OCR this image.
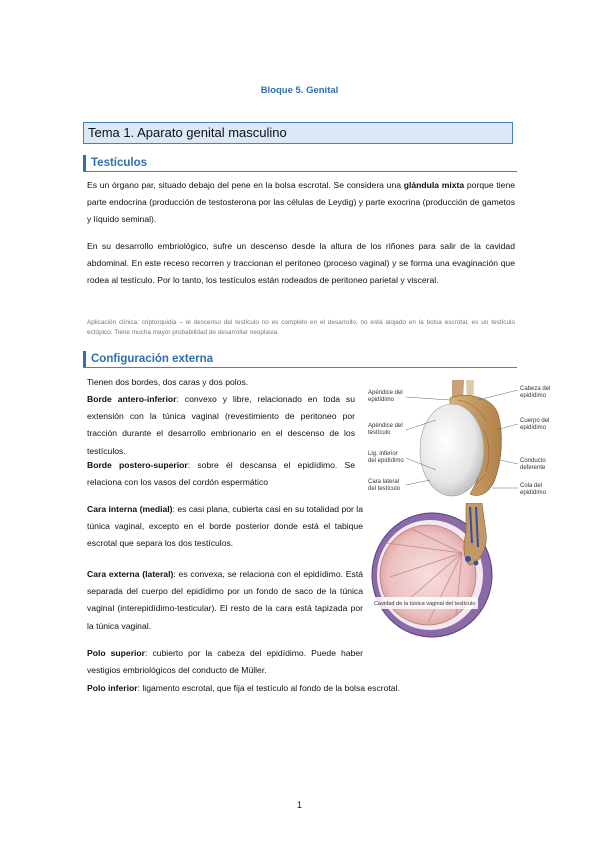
Bloque 5. Genital
Tema 1. Aparato genital masculino
Testículos
Es un órgano par, situado debajo del pene en la bolsa escrotal. Se considera una glándula mixta porque tiene parte endocrina (producción de testosterona por las células de Leydig) y parte exocrina (producción de gametos y líquido seminal).
En su desarrollo embriológico, sufre un descenso desde la altura de los riñones para salir de la cavidad abdominal. En este receso recorren y traccionan el peritoneo (proceso vaginal) y se forma una evaginación que rodea al testículo. Por lo tanto, los testículos están rodeados de peritoneo parietal y visceral.
Aplicación clínica: criptorquidia – el descenso del testículo no es completo en el desarrollo, no está alojado en la bolsa escrotal, es un testículo ectópico. Tiene mucha mayor probabilidad de desarrollar neoplasia.
Configuración externa
Tienen dos bordes, dos caras y dos polos.
Borde antero-inferior: convexo y libre, relacionado en toda su extensión con la túnica vaginal (revestimiento de peritoneo por tracción durante el desarrollo embrionario en el descenso de los testículos.
Borde postero-superior: sobre él descansa el epidídimo. Se relaciona con los vasos del cordón espermático
Cara interna (medial): es casi plana, cubierta casi en su totalidad por la túnica vaginal, excepto en el borde posterior donde está el tabique escrotal que separa los dos testículos.
Cara externa (lateral): es convexa, se relaciona con el epidídimo. Está separada del cuerpo del epidídimo por un fondo de saco de la túnica vaginal (interepidídimo-testicular). El resto de la cara está tapizada por la túnica vaginal.
Polo superior: cubierto por la cabeza del epidídimo. Puede haber vestigios embriológicos del conducto de Müller.
Polo inferior: ligamento escrotal, que fija el testículo al fondo de la bolsa escrotal.
Apéndice del
epidídimo
Apéndice del
testículo
Lig. inferior
del epidídimo
Cara lateral
del testículo
Cabeza del
epidídimo
Cuerpo del
epidídimo
Conducto
deferente
Cola del
epidídimo
Cavidad de la túnica vaginal del testículo
1
